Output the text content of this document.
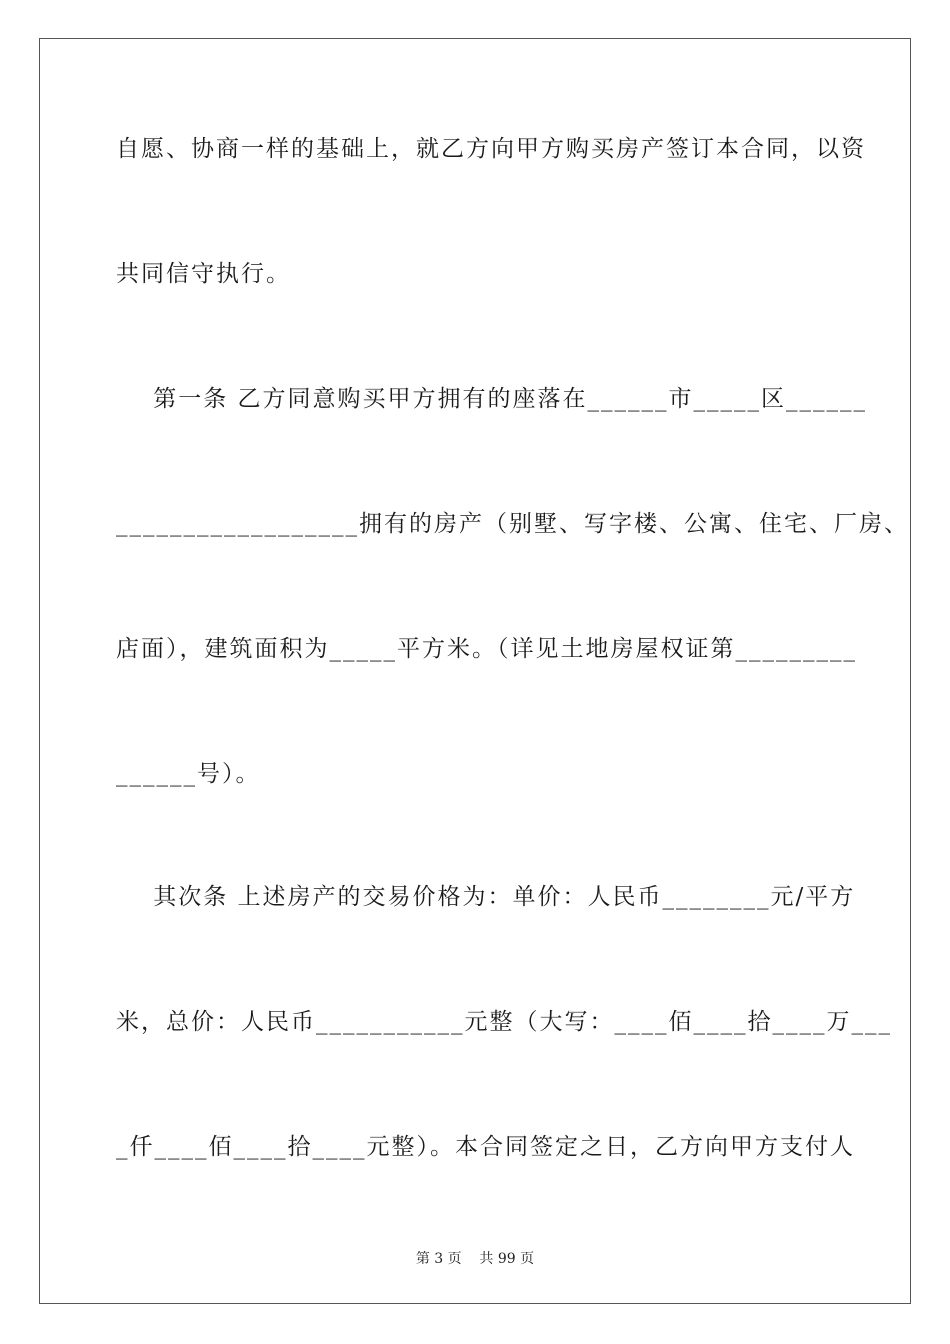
自愿、协商一样的基础上，就乙方向甲方购买房产签订本合同，以资
共同信守执行。
第一条 乙方同意购买甲方拥有的座落在______市_____区______
__________________拥有的房产（别墅、写字楼、公寓、住宅、厂房、
店面），建筑面积为_____平方米。（详见土地房屋权证第_________
______号）。
其次条 上述房产的交易价格为：单价：人民币________元/平方
米，总价：人民币___________元整（大写：____佰____拾____万___
_仟____佰____拾____元整）。本合同签定之日，乙方向甲方支付人
第 3 页    共 99 页
